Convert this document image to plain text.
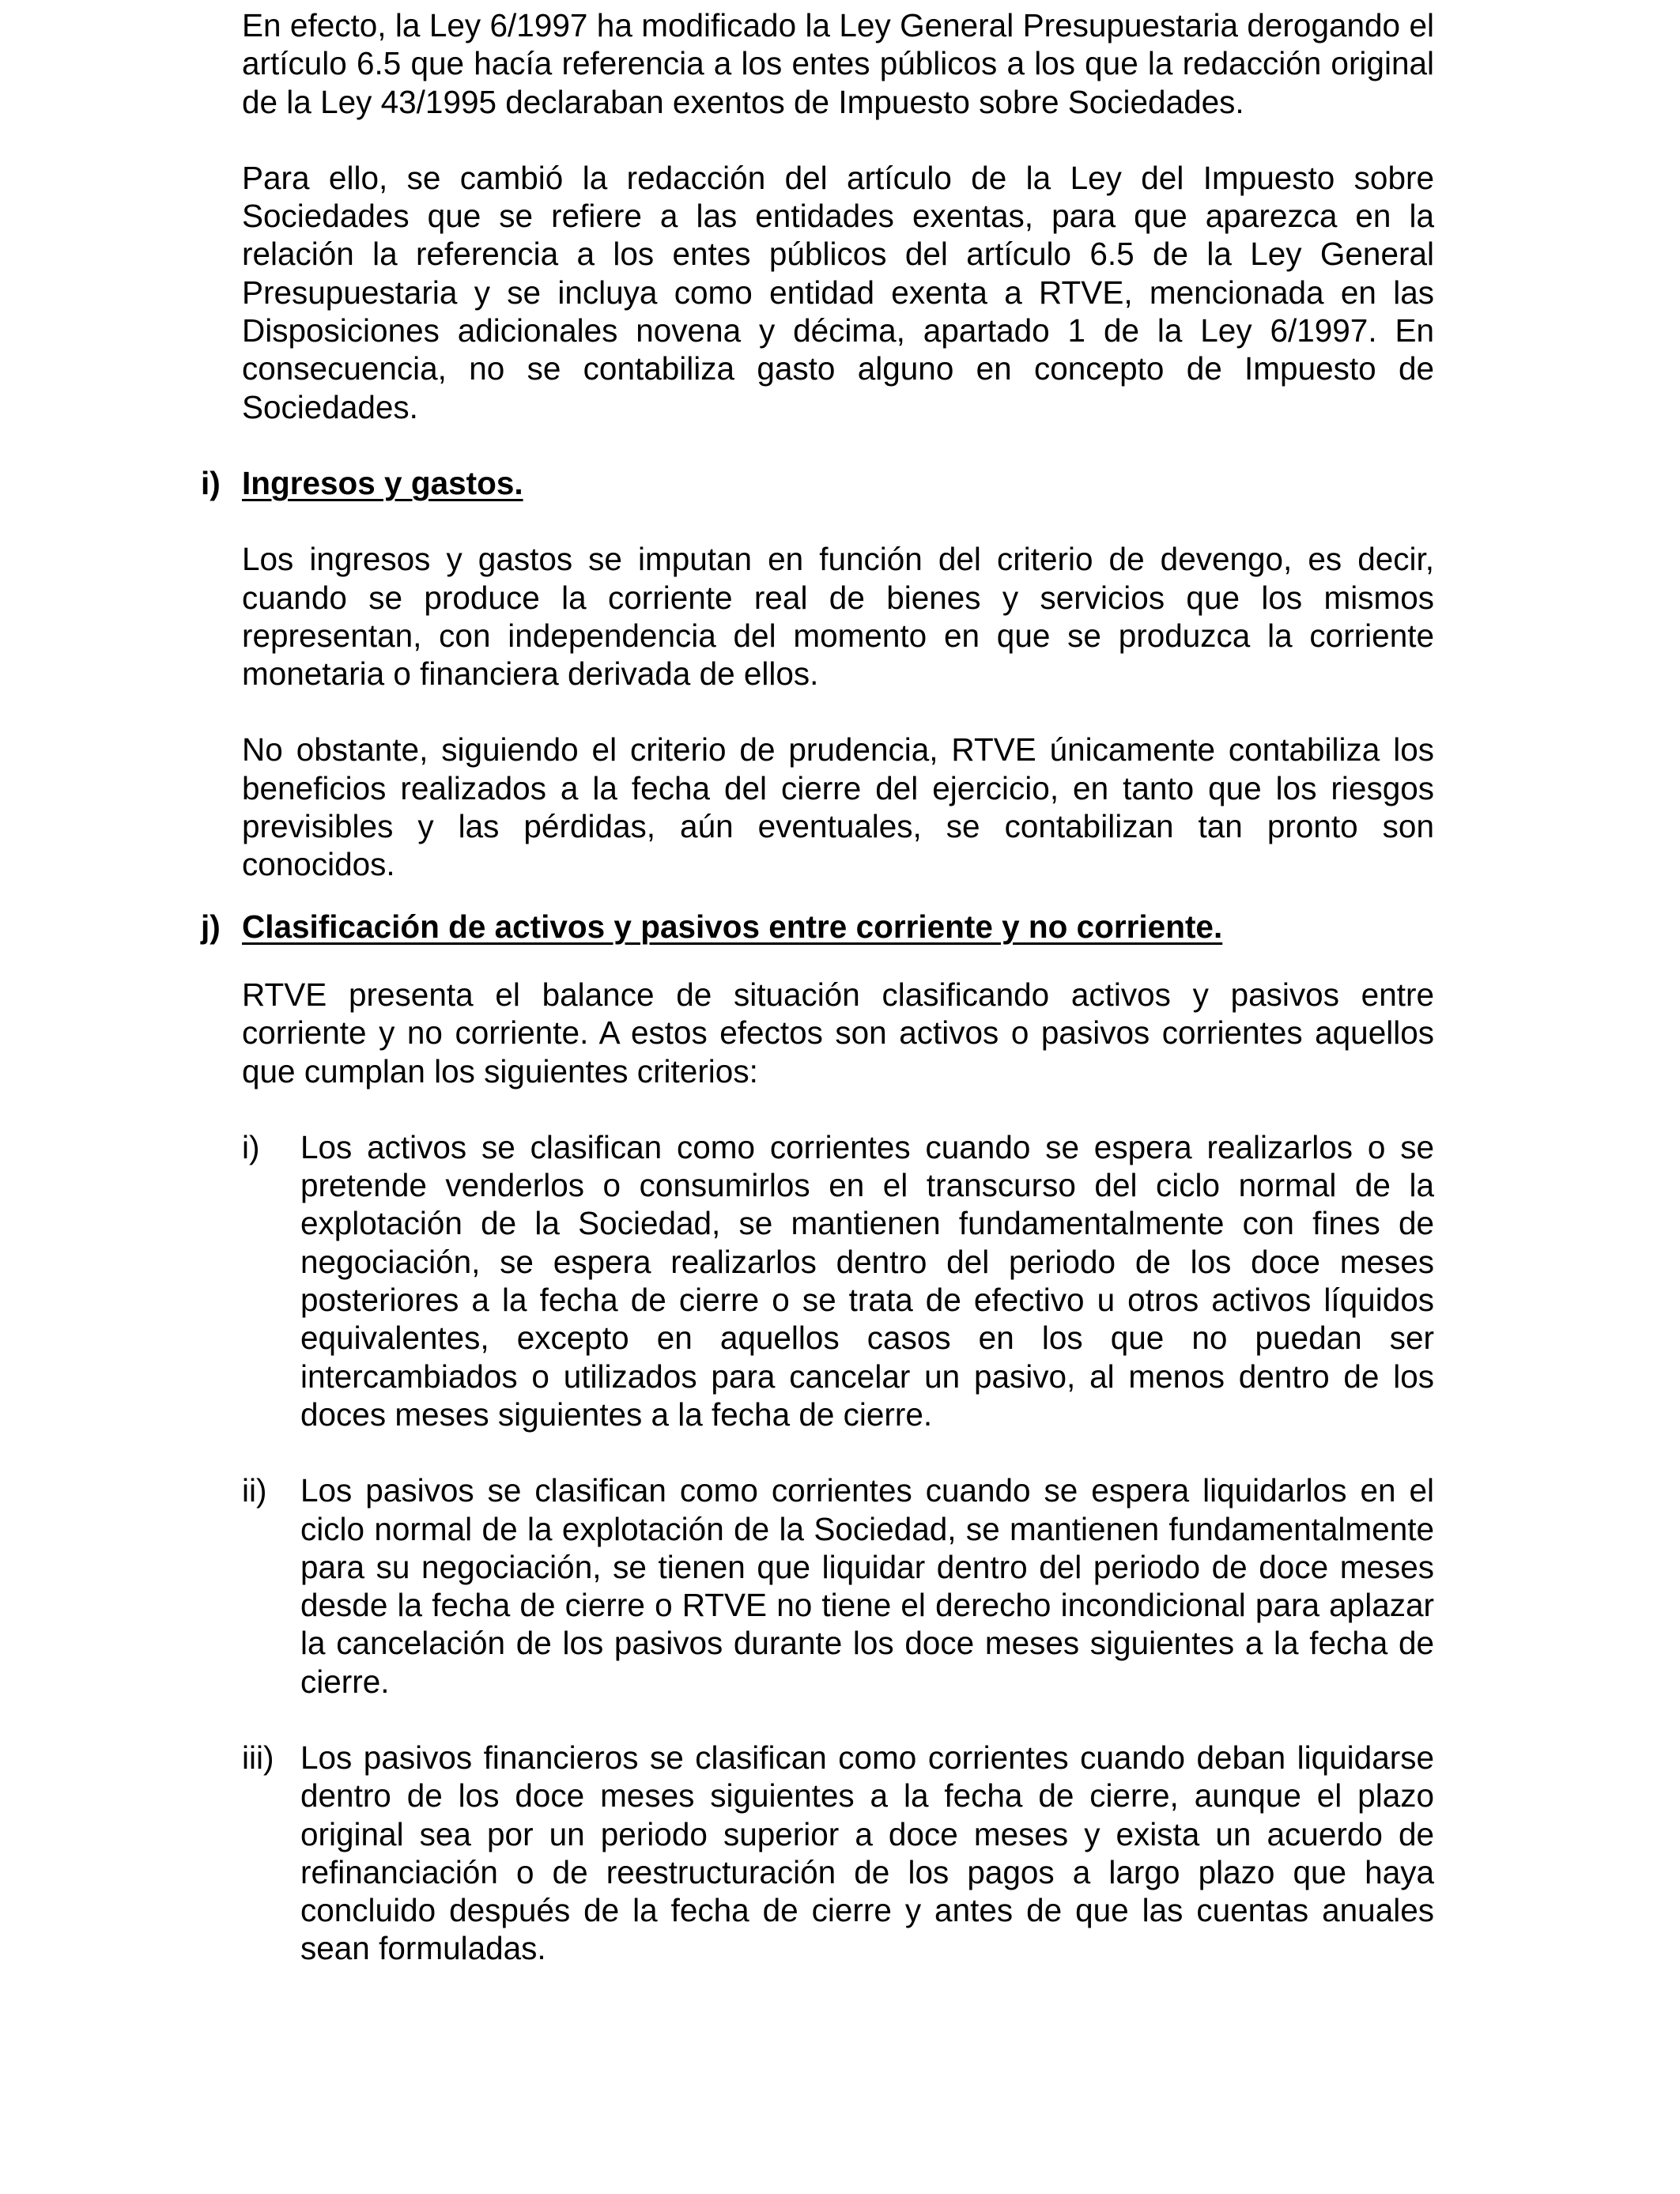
En efecto, la Ley 6/1997 ha modificado la Ley General Presupuestaria derogando el artículo 6.5 que hacía referencia a los entes públicos a los que la redacción original de la Ley 43/1995 declaraban exentos de Impuesto sobre Sociedades.

Para ello, se cambió la redacción del artículo de la Ley del Impuesto sobre Sociedades que se refiere a las entidades exentas, para que aparezca en la relación la referencia a los entes públicos del artículo 6.5 de la Ley General Presupuestaria y se incluya como entidad exenta a RTVE, mencionada en las Disposiciones adicionales novena y décima, apartado 1 de la Ley 6/1997. En consecuencia, no se contabiliza gasto alguno en concepto de Impuesto de Sociedades.

i) Ingresos y gastos.

Los ingresos y gastos se imputan en función del criterio de devengo, es decir, cuando se produce la corriente real de bienes y servicios que los mismos representan, con independencia del momento en que se produzca la corriente monetaria o financiera derivada de ellos.

No obstante, siguiendo el criterio de prudencia, RTVE únicamente contabiliza los beneficios realizados a la fecha del cierre del ejercicio, en tanto que los riesgos previsibles y las pérdidas, aún eventuales, se contabilizan tan pronto son conocidos.

j) Clasificación de activos y pasivos entre corriente y no corriente.

RTVE presenta el balance de situación clasificando activos y pasivos entre corriente y no corriente. A estos efectos son activos o pasivos corrientes aquellos que cumplan los siguientes criterios:

i) Los activos se clasifican como corrientes cuando se espera realizarlos o se pretende venderlos o consumirlos en el transcurso del ciclo normal de la explotación de la Sociedad, se mantienen fundamentalmente con fines de negociación, se espera realizarlos dentro del periodo de los doce meses posteriores a la fecha de cierre o se trata de efectivo u otros activos líquidos equivalentes, excepto en aquellos casos en los que no puedan ser intercambiados o utilizados para cancelar un pasivo, al menos dentro de los doces meses siguientes a la fecha de cierre.

ii) Los pasivos se clasifican como corrientes cuando se espera liquidarlos en el ciclo normal de la explotación de la Sociedad, se mantienen fundamentalmente para su negociación, se tienen que liquidar dentro del periodo de doce meses desde la fecha de cierre o RTVE no tiene el derecho incondicional para aplazar la cancelación de los pasivos durante los doce meses siguientes a la fecha de cierre.

iii) Los pasivos financieros se clasifican como corrientes cuando deban liquidarse dentro de los doce meses siguientes a la fecha de cierre, aunque el plazo original sea por un periodo superior a doce meses y exista un acuerdo de refinanciación o de reestructuración de los pagos a largo plazo que haya concluido después de la fecha de cierre y antes de que las cuentas anuales sean formuladas.
